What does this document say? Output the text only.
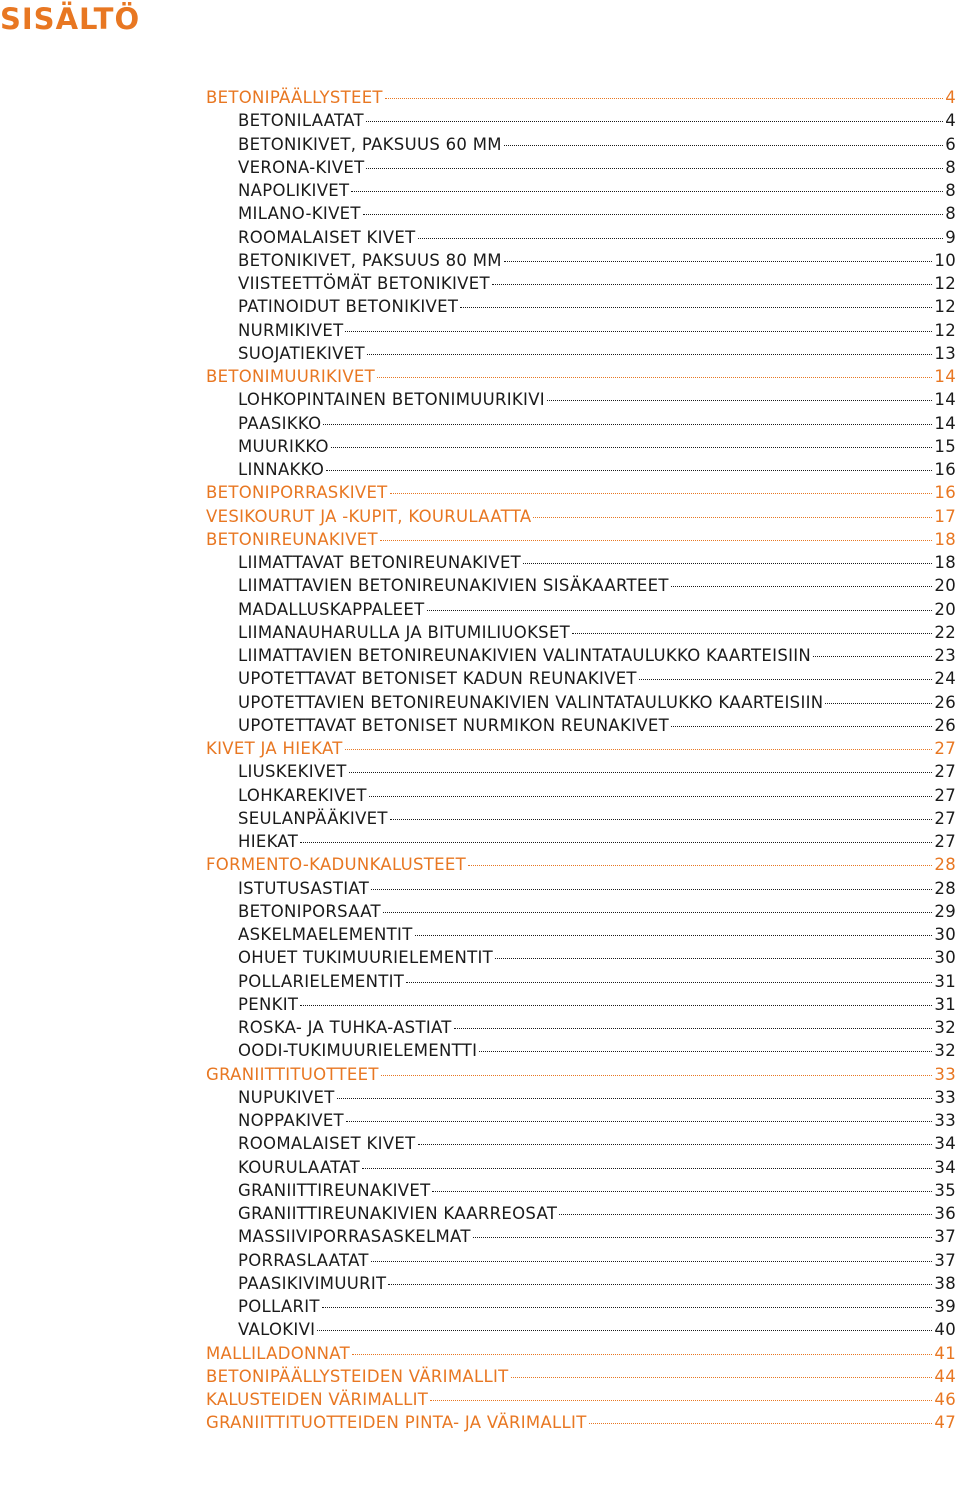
SISÄLTÖ
BETONIPÄÄLLYSTEET	4
BETONILAATAT	4
BETONIKIVET, PAKSUUS 60 MM	6
VERONA-KIVET	8
NAPOLIKIVET	8
MILANO-KIVET	8
ROOMALAISET KIVET	9
BETONIKIVET, PAKSUUS 80 MM	10
VIISTEETTÖMÄT BETONIKIVET	12
PATINOIDUT BETONIKIVET	12
NURMIKIVET	12
SUOJATIEKIVET	13
BETONIMUURIKIVET	14
LOHKOPINTAINEN BETONIMUURIKIVI	14
PAASIKKO	14
MUURIKKO	15
LINNAKKO	16
BETONIPORRASKIVET	16
VESIKOURUT JA -KUPIT, KOURULAATTA	17
BETONIREUNAKIVET	18
LIIMATTAVAT BETONIREUNAKIVET	18
LIIMATTAVIEN BETONIREUNAKIVIEN SISÄKAARTEET	20
MADALLUSKAPPALEET	20
LIIMANAUHARULLA JA BITUMILIUOKSET	22
LIIMATTAVIEN BETONIREUNAKIVIEN VALINTATAULUKKO KAARTEISIIN	23
UPOTETTAVAT BETONISET KADUN REUNAKIVET	24
UPOTETTAVIEN BETONIREUNAKIVIEN VALINTATAULUKKO KAARTEISIIN	26
UPOTETTAVAT BETONISET NURMIKON REUNAKIVET	26
KIVET JA HIEKAT	27
LIUSKEKIVET	27
LOHKAREKIVET	27
SEULANPÄÄKIVET	27
HIEKAT	27
FORMENTO-KADUNKALUSTEET	28
ISTUTUSASTIAT	28
BETONIPORSAAT	29
ASKELMAELEMENTIT	30
OHUET TUKIMUURIELEMENTIT	30
POLLARIELEMENTIT	31
PENKIT	31
ROSKA- JA TUHKA-ASTIAT	32
OODI-TUKIMUURIELEMENTTI	32
GRANIITTITUOTTEET	33
NUPUKIVET	33
NOPPAKIVET	33
ROOMALAISET KIVET	34
KOURULAATAT	34
GRANIITTIREUNAKIVET	35
GRANIITTIREUNAKIVIEN KAARREOSAT	36
MASSIIVIPORRASASKELMAT	37
PORRASLAATAT	37
PAASIKIVIMUURIT	38
POLLARIT	39
VALOKIVI	40
MALLILADONNAT	41
BETONIPÄÄLLYSTEIDEN VÄRIMALLIT	44
KALUSTEIDEN VÄRIMALLIT	46
GRANIITTITUOTTEIDEN PINTA- JA VÄRIMALLIT	47
